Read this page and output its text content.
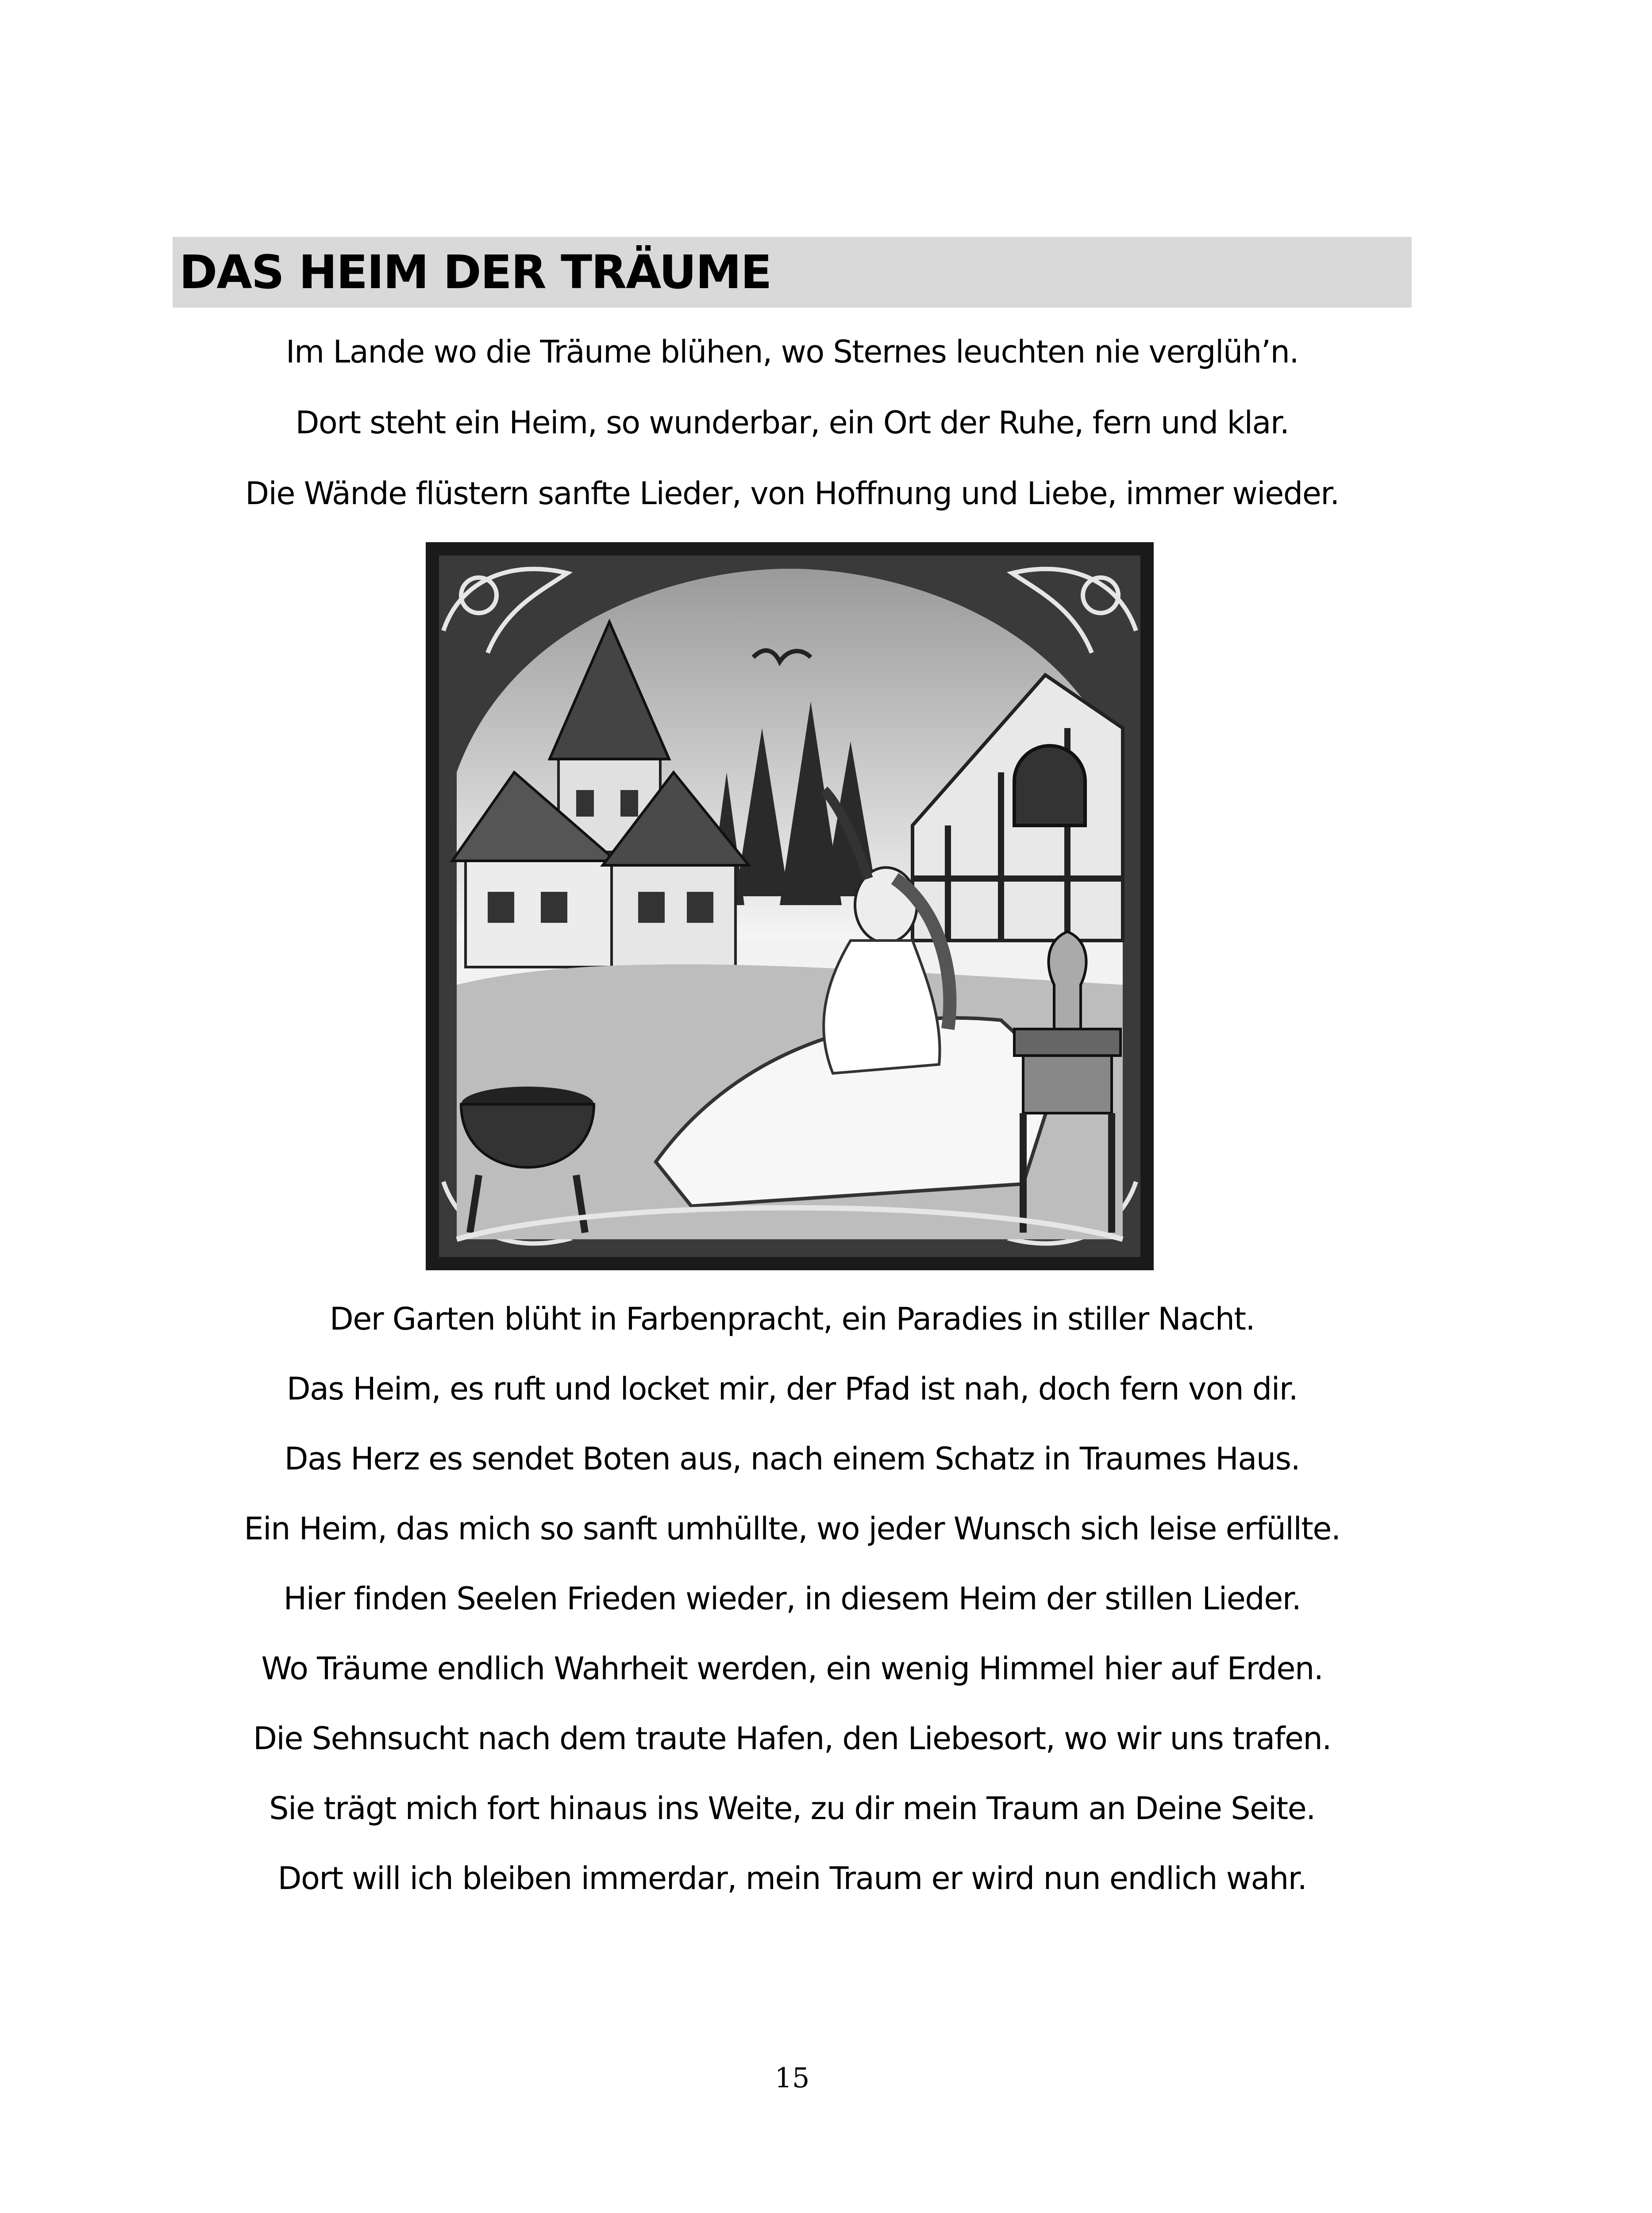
DAS HEIM DER TRÄUME
Im Lande wo die Träume blühen, wo Sternes leuchten nie verglüh’n.
Dort steht ein Heim, so wunderbar, ein Ort der Ruhe, fern und klar.
Die Wände flüstern sanfte Lieder, von Hoffnung und Liebe, immer wieder.
Der Garten blüht in Farbenpracht, ein Paradies in stiller Nacht.
Das Heim, es ruft und locket mir, der Pfad ist nah, doch fern von dir.
Das Herz es sendet Boten aus, nach einem Schatz in Traumes Haus.
Ein Heim, das mich so sanft umhüllte, wo jeder Wunsch sich leise erfüllte.
Hier finden Seelen Frieden wieder, in diesem Heim der stillen Lieder.
Wo Träume endlich Wahrheit werden, ein wenig Himmel hier auf Erden.
Die Sehnsucht nach dem traute Hafen, den Liebesort, wo wir uns trafen.
Sie trägt mich fort hinaus ins Weite, zu dir mein Traum an Deine Seite.
Dort will ich bleiben immerdar, mein Traum er wird nun endlich wahr.
15
